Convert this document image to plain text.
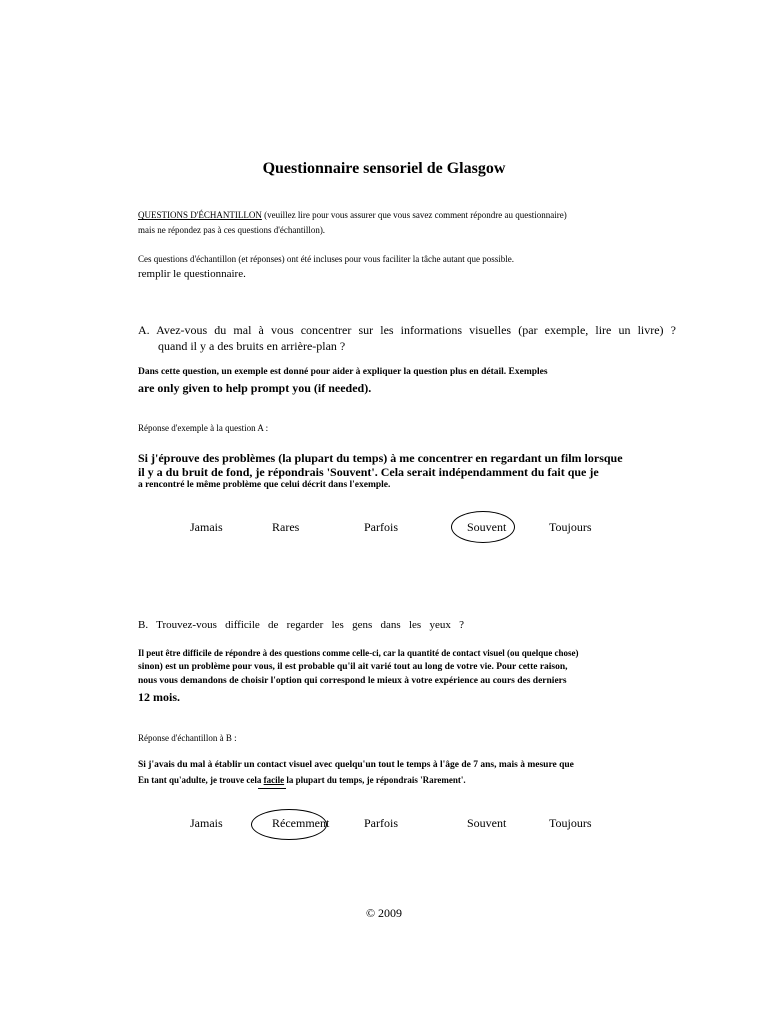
Questionnaire sensoriel de Glasgow
QUESTIONS D'ÉCHANTILLON (veuillez lire pour vous assurer que vous savez comment répondre au questionnaire)
mais ne répondez pas à ces questions d'échantillon).
Ces questions d'échantillon (et réponses) ont été incluses pour vous faciliter la tâche autant que possible.
remplir le questionnaire.
A. Avez-vous du mal à vous concentrer sur les informations visuelles (par exemple, lire un livre) ?
quand il y a des bruits en arrière-plan ?
Dans cette question, un exemple est donné pour aider à expliquer la question plus en détail. Exemples
are only given to help prompt you (if needed).
Réponse d'exemple à la question A :
Si j'éprouve des problèmes (la plupart du temps) à me concentrer en regardant un film lorsque
il y a du bruit de fond, je répondrais 'Souvent'. Cela serait indépendamment du fait que je
a rencontré le même problème que celui décrit dans l'exemple.
Jamais	Rares	Parfois	Souvent	Toujours
B. Trouvez-vous difficile de regarder les gens dans les yeux ?
Il peut être difficile de répondre à des questions comme celle-ci, car la quantité de contact visuel (ou quelque chose)
sinon) est un problème pour vous, il est probable qu'il ait varié tout au long de votre vie. Pour cette raison,
nous vous demandons de choisir l'option qui correspond le mieux à votre expérience au cours des derniers
12 mois.
Réponse d'échantillon à B :
Si j'avais du mal à établir un contact visuel avec quelqu'un tout le temps à l'âge de 7 ans, mais à mesure que
En tant qu'adulte, je trouve cela facile la plupart du temps, je répondrais 'Rarement'.
Jamais	Récemment	Parfois	Souvent	Toujours
© 2009
